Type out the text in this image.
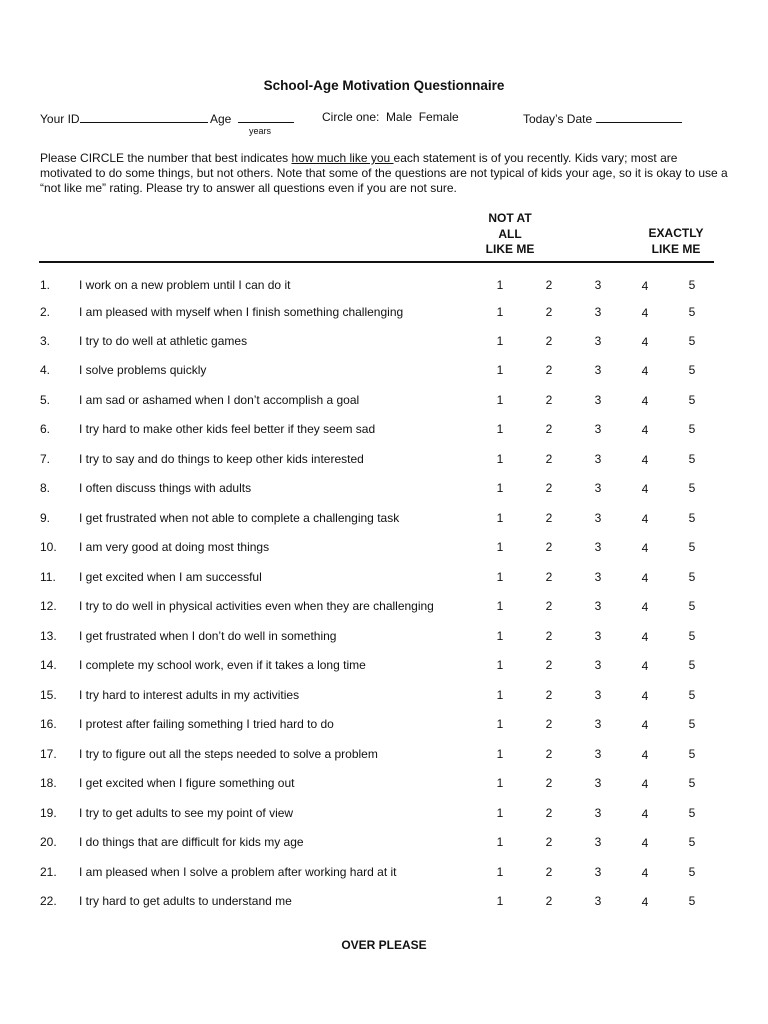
School-Age Motivation Questionnaire
Your ID	Age
years
Circle one: Male Female	Today’s Date
Please CIRCLE the number that best indicates how much like you each statement is of you recently. Kids vary; most are motivated to do some things, but not others. Note that some of the questions are not typical of kids your age, so it is okay to use a “not like me” rating. Please try to answer all questions even if you are not sure.
NOT AT
ALL
LIKE ME
EXACTLY
LIKE ME
1.	I work on a new problem until I can do it	1	2	3	4	5
2.	I am pleased with myself when I finish something challenging	1	2	3	4	5
3.	I try to do well at athletic games	1	2	3	4	5
4.	I solve problems quickly	1	2	3	4	5
5.	I am sad or ashamed when I don’t accomplish a goal	1	2	3	4	5
6.	I try hard to make other kids feel better if they seem sad	1	2	3	4	5
7.	I try to say and do things to keep other kids interested	1	2	3	4	5
8.	I often discuss things with adults	1	2	3	4	5
9.	I get frustrated when not able to complete a challenging task	1	2	3	4	5
10.	I am very good at doing most things	1	2	3	4	5
11.	I get excited when I am successful	1	2	3	4	5
12.	I try to do well in physical activities even when they are challenging	1	2	3	4	5
13.	I get frustrated when I don’t do well in something	1	2	3	4	5
14.	I complete my school work, even if it takes a long time	1	2	3	4	5
15.	I try hard to interest adults in my activities	1	2	3	4	5
16.	I protest after failing something I tried hard to do	1	2	3	4	5
17.	I try to figure out all the steps needed to solve a problem	1	2	3	4	5
18.	I get excited when I figure something out	1	2	3	4	5
19.	I try to get adults to see my point of view	1	2	3	4	5
20.	I do things that are difficult for kids my age	1	2	3	4	5
21.	I am pleased when I solve a problem after working hard at it	1	2	3	4	5
22.	I try hard to get adults to understand me	1	2	3	4	5
OVER PLEASE
